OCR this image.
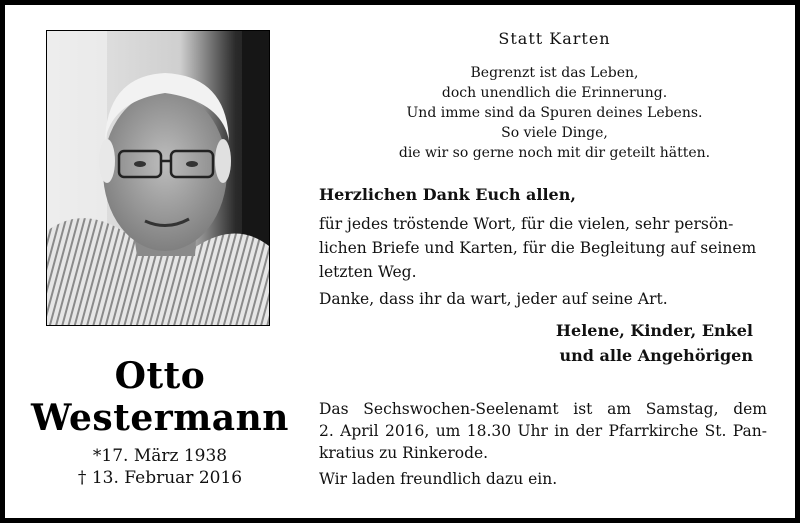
Otto
Westermann
*17. März 1938
† 13. Februar 2016
Statt Karten
Begrenzt ist das Leben,
doch unendlich die Erinnerung.
Und imme sind da Spuren deines Lebens.
So viele Dinge,
die wir so gerne noch mit dir geteilt hätten.
Herzlichen Dank Euch allen,
für jedes tröstende Wort, für die vielen, sehr persön-
lichen Briefe und Karten, für die Begleitung auf seinem
letzten Weg.
Danke, dass ihr da wart, jeder auf seine Art.
Helene, Kinder, Enkel
und alle Angehörigen
Das Sechswochen-Seelenamt ist am Samstag, dem
2. April 2016, um 18.30 Uhr in der Pfarrkirche St. Pan-
kratius zu Rinkerode.
Wir laden freundlich dazu ein.
